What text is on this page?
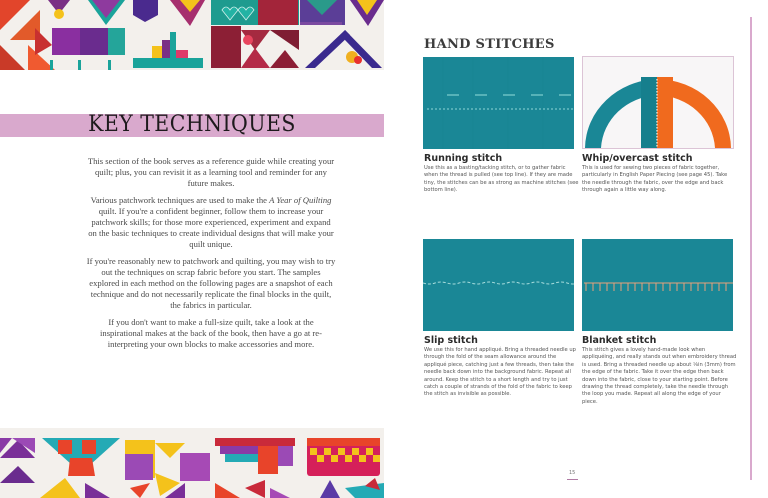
KEY TECHNIQUES

This section of the book serves as a reference guide while creating your quilt; plus, you can revisit it as a learning tool and reminder for any future makes.

Various patchwork techniques are used to make the A Year of Quilting quilt. If you're a confident beginner, follow them to increase your patchwork skills; for those more experienced, experiment and expand on the basic techniques to create individual designs that will make your quilt unique.

If you're reasonably new to patchwork and quilting, you may wish to try out the techniques on scrap fabric before you start. The samples explored in each method on the following pages are a snapshot of each technique and do not necessarily replicate the final blocks in the quilt, the fabrics in particular.

If you don't want to make a full-size quilt, take a look at the inspirational makes at the back of the book, then have a go at re-interpreting your own blocks to make accessories and more.

HAND STITCHES
Running stitch
Use this as a basting/tacking stitch, or to gather fabric when the thread is pulled (see top line). If they are made tiny, the stitches can be as strong as machine stitches (see bottom line).
Whip/overcast stitch
This is used for sewing two pieces of fabric together, particularly in English Paper Piecing (see page 45). Take the needle through the fabric, over the edge and back through again a little way along.
Slip stitch
We use this for hand appliqué. Bring a threaded needle up through the fold of the seam allowance around the appliqué piece, catching just a few threads, then take the needle back down into the background fabric. Repeat all around. Keep the stitch to a short length and try to just catch a couple of strands of the fold of the fabric to keep the stitch as invisible as possible.
Blanket stitch
This stitch gives a lovely hand-made look when appliquéing, and really stands out when embroidery thread is used. Bring a threaded needle up about ⅛in (3mm) from the edge of the fabric. Take it over the edge then back down into the fabric, close to your starting point. Before drawing the thread completely, take the needle through the loop you made. Repeat all along the edge of your piece.
15
